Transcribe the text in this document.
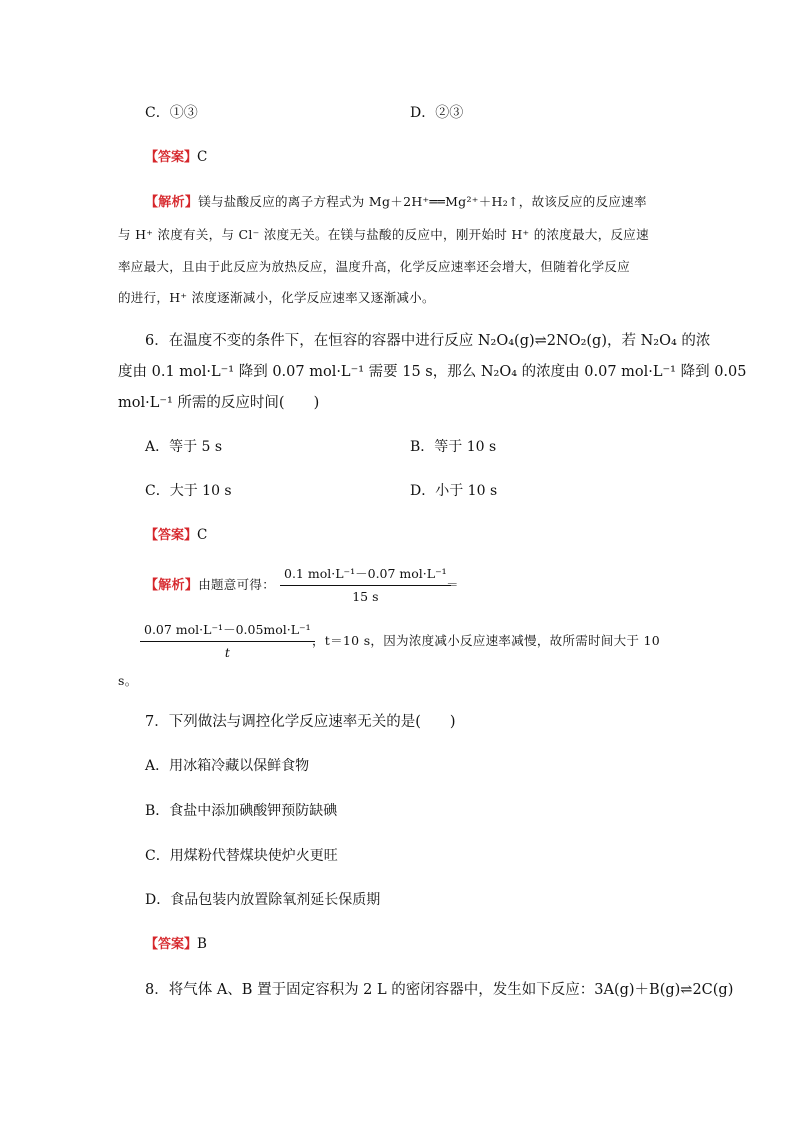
C．①③	D．②③
【答案】C
【解析】镁与盐酸反应的离子方程式为 Mg＋2H⁺══Mg²⁺＋H₂↑，故该反应的反应速率
与 H⁺ 浓度有关，与 Cl⁻ 浓度无关。在镁与盐酸的反应中，刚开始时 H⁺ 的浓度最大，反应速
率应最大，且由于此反应为放热反应，温度升高，化学反应速率还会增大，但随着化学反应
的进行，H⁺ 浓度逐渐减小，化学反应速率又逐渐减小。
6．在温度不变的条件下，在恒容的容器中进行反应 N₂O₄(g)⇌2NO₂(g)，若 N₂O₄ 的浓
度由 0.1 mol·L⁻¹ 降到 0.07 mol·L⁻¹ 需要 15 s，那么 N₂O₄ 的浓度由 0.07 mol·L⁻¹ 降到 0.05
mol·L⁻¹ 所需的反应时间(　　)
A．等于 5 s	B．等于 10 s
C．大于 10 s	D．小于 10 s
【答案】C
【解析】由题意可得：
0.1 mol·L⁻¹－0.07 mol·L⁻¹
15 s
＝
0.07 mol·L⁻¹－0.05mol·L⁻¹
t
，t＝10 s，因为浓度减小反应速率减慢，故所需时间大于 10
s。
7．下列做法与调控化学反应速率无关的是(　　)
A．用冰箱冷藏以保鲜食物
B．食盐中添加碘酸钾预防缺碘
C．用煤粉代替煤块使炉火更旺
D．食品包装内放置除氧剂延长保质期
【答案】B
8．将气体 A、B 置于固定容积为 2 L 的密闭容器中，发生如下反应：3A(g)＋B(g)⇌2C(g)
